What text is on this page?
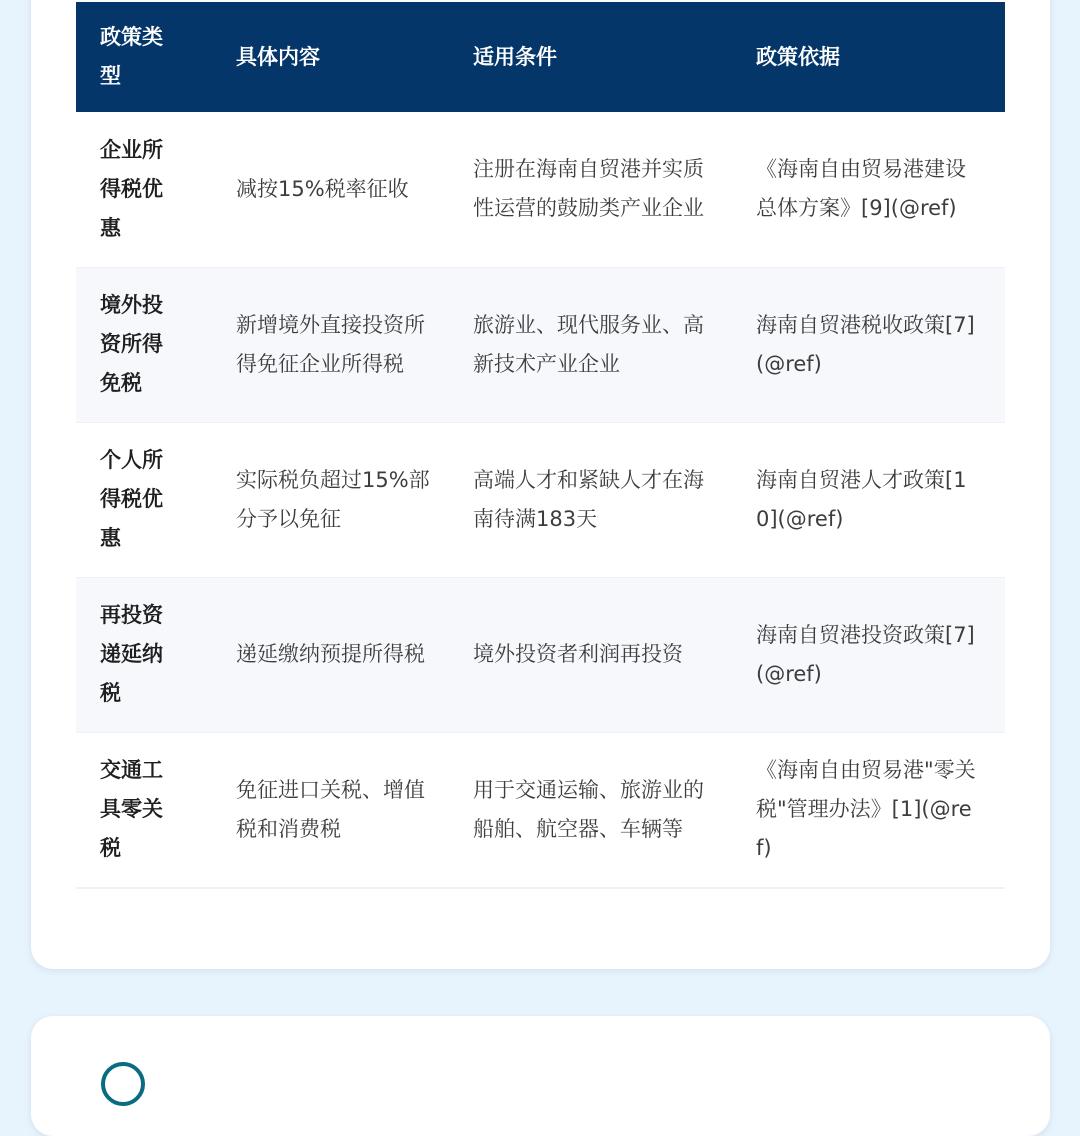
政策类型	具体内容	适用条件	政策依据
企业所得税优惠	减按15%税率征收	注册在海南自贸港并实质性运营的鼓励类产业企业	《海南自由贸易港建设总体方案》[9](@ref)
境外投资所得免税	新增境外直接投资所得免征企业所得税	旅游业、现代服务业、高新技术产业企业	海南自贸港税收政策[7](@ref)
个人所得税优惠	实际税负超过15%部分予以免征	高端人才和紧缺人才在海南待满183天	海南自贸港人才政策[10](@ref)
再投资递延纳税	递延缴纳预提所得税	境外投资者利润再投资	海南自贸港投资政策[7](@ref)
交通工具零关税	免征进口关税、增值税和消费税	用于交通运输、旅游业的船舶、航空器、车辆等	《海南自由贸易港"零关税"管理办法》[1](@ref)
